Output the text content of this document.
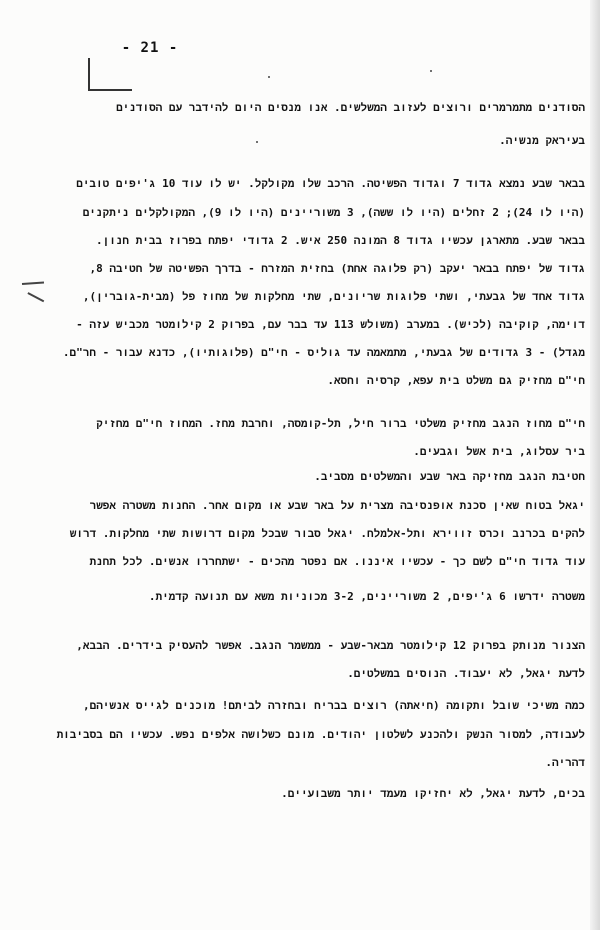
- 21 -
הסודנים מתמרמרים ורוצים לעזוב המשלשים. אנו מנסים היום להידבר עם הסודנים
בעיראק מנשיה.
בבאר שבע נמצא גדוד 7 וגדוד הפשיטה. הרכב שלו מקולקל. יש לו עוד 10 ג'יפים טובים
(היו לו 24); 2 זחלים (היו לו ששה), 3 משוריינים (היו לו 9), המקולקלים ניתקנים
בבאר שבע. מתארגן עכשיו גדוד 8 המונה 250 איש. 2 גדודי יפתח בפרוז בבית חנון.
גדוד של יפתח בבאר יעקב (רק פלוגה אחת) בחזית המזרח - בדרך הפשיטה של חטיבה 8,
גדוד אחד של גבעתי, ושתי פלוגות שריונים, שתי מחלקות של מחוז פל (מבית-גוברין),
דוימה, קוקיבה (לכיש). במערב (משולש 113 עד בבר עם, בפרוק 2 קילומטר מכביש עזה -
מגדל) - 3 גדודים של גבעתי, מתמאמה עד גוליס - חי"ם (פלוגותיו), כדנא עבור - חר"ם.
חי"ם מחזיק גם משלט בית עפא, קרסיה וחסא.
חי"ם מחוז הנגב מחזיק משלטי ברור חיל, תל-קומסה, וחרבת מחז. המחוז חי"ם מחזיק
ביר עסלוג, בית אשל וגבעים.
חטיבת הנגב מחזיקה באר שבע והמשלטים מסביב.
יגאל בטוח שאין סכנת אופנסיבה מצרית על באר שבע או מקום אחר. החנות משטרה אפשר
להקים בכרנב וכרס זווירא ותל-אלמלח. יגאל סבור שבכל מקום דרושות שתי מחלקות. דרוש
עוד גדוד חי"ם לשם כך - עכשיו איננו. אם נפטר מהכים - ישתחררו אנשים. לכל תחנת
משטרה ידרשו 6 ג'יפים, 2 משוריינים, 3-2 מכוניות משא עם תנועה קדמית.
הצנור מנותק בפרוק 12 קילומטר מבאר-שבע - ממשמר הנגב. אפשר להעסיק בידרים. הבבא,
לדעת יגאל, לא יעבוד. הנוסים במשלטים.
כמה משיכי שובל ותקומה (חיאתה) רוצים בבריח ובחזרה לביתם! מוכנים לגייס אנשיהם,
לעבודה, למסור הנשק ולהכנע לשלטון יהודים. מונם כשלושה אלפים נפש. עכשיו הם בסביבות
דהריה.
בכים, לדעת יגאל, לא יחזיקו מעמד יותר משבועיים.
